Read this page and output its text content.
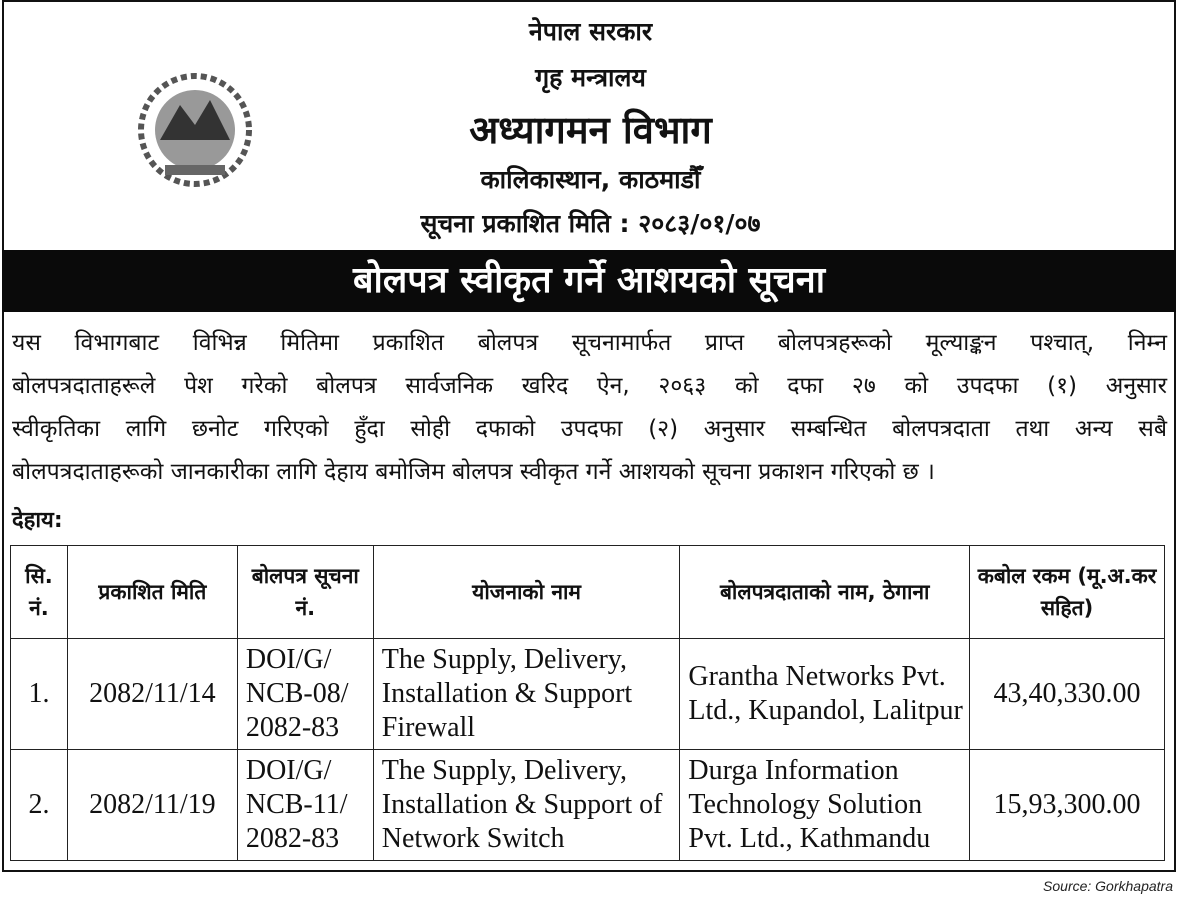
नेपाल सरकार
गृह मन्त्रालय
अध्यागमन विभाग
कालिकास्थान, काठमाडौँ
सूचना प्रकाशित मिति : २०८३/०१/०७
बोलपत्र स्वीकृत गर्ने आशयको सूचना
यस विभागबाट विभिन्न मितिमा प्रकाशित बोलपत्र सूचनामार्फत प्राप्त बोलपत्रहरूको मूल्याङ्कन पश्चात्, निम्न
बोलपत्रदाताहरूले पेश गरेको बोलपत्र सार्वजनिक खरिद ऐन, २०६३ को दफा २७ को उपदफा (१) अनुसार
स्वीकृतिका लागि छनोट गरिएको हुँदा सोही दफाको उपदफा (२) अनुसार सम्बन्धित बोलपत्रदाता तथा अन्य सबै
बोलपत्रदाताहरूको जानकारीका लागि देहाय बमोजिम बोलपत्र स्वीकृत गर्ने आशयको सूचना प्रकाशन गरिएको छ ।
देहाय:
सि. नं.	प्रकाशित मिति	बोलपत्र सूचना नं.	योजनाको नाम	बोलपत्रदाताको नाम, ठेगाना	कबोल रकम (मू.अ.कर सहित)
1.	2082/11/14	DOI/G/ NCB-08/ 2082-83	The Supply, Delivery, Installation & Support Firewall	Grantha Networks Pvt. Ltd., Kupandol, Lalitpur	43,40,330.00
2.	2082/11/19	DOI/G/ NCB-11/ 2082-83	The Supply, Delivery, Installation & Support of Network Switch	Durga Information Technology Solution Pvt. Ltd., Kathmandu	15,93,300.00
Source: Gorkhapatra
